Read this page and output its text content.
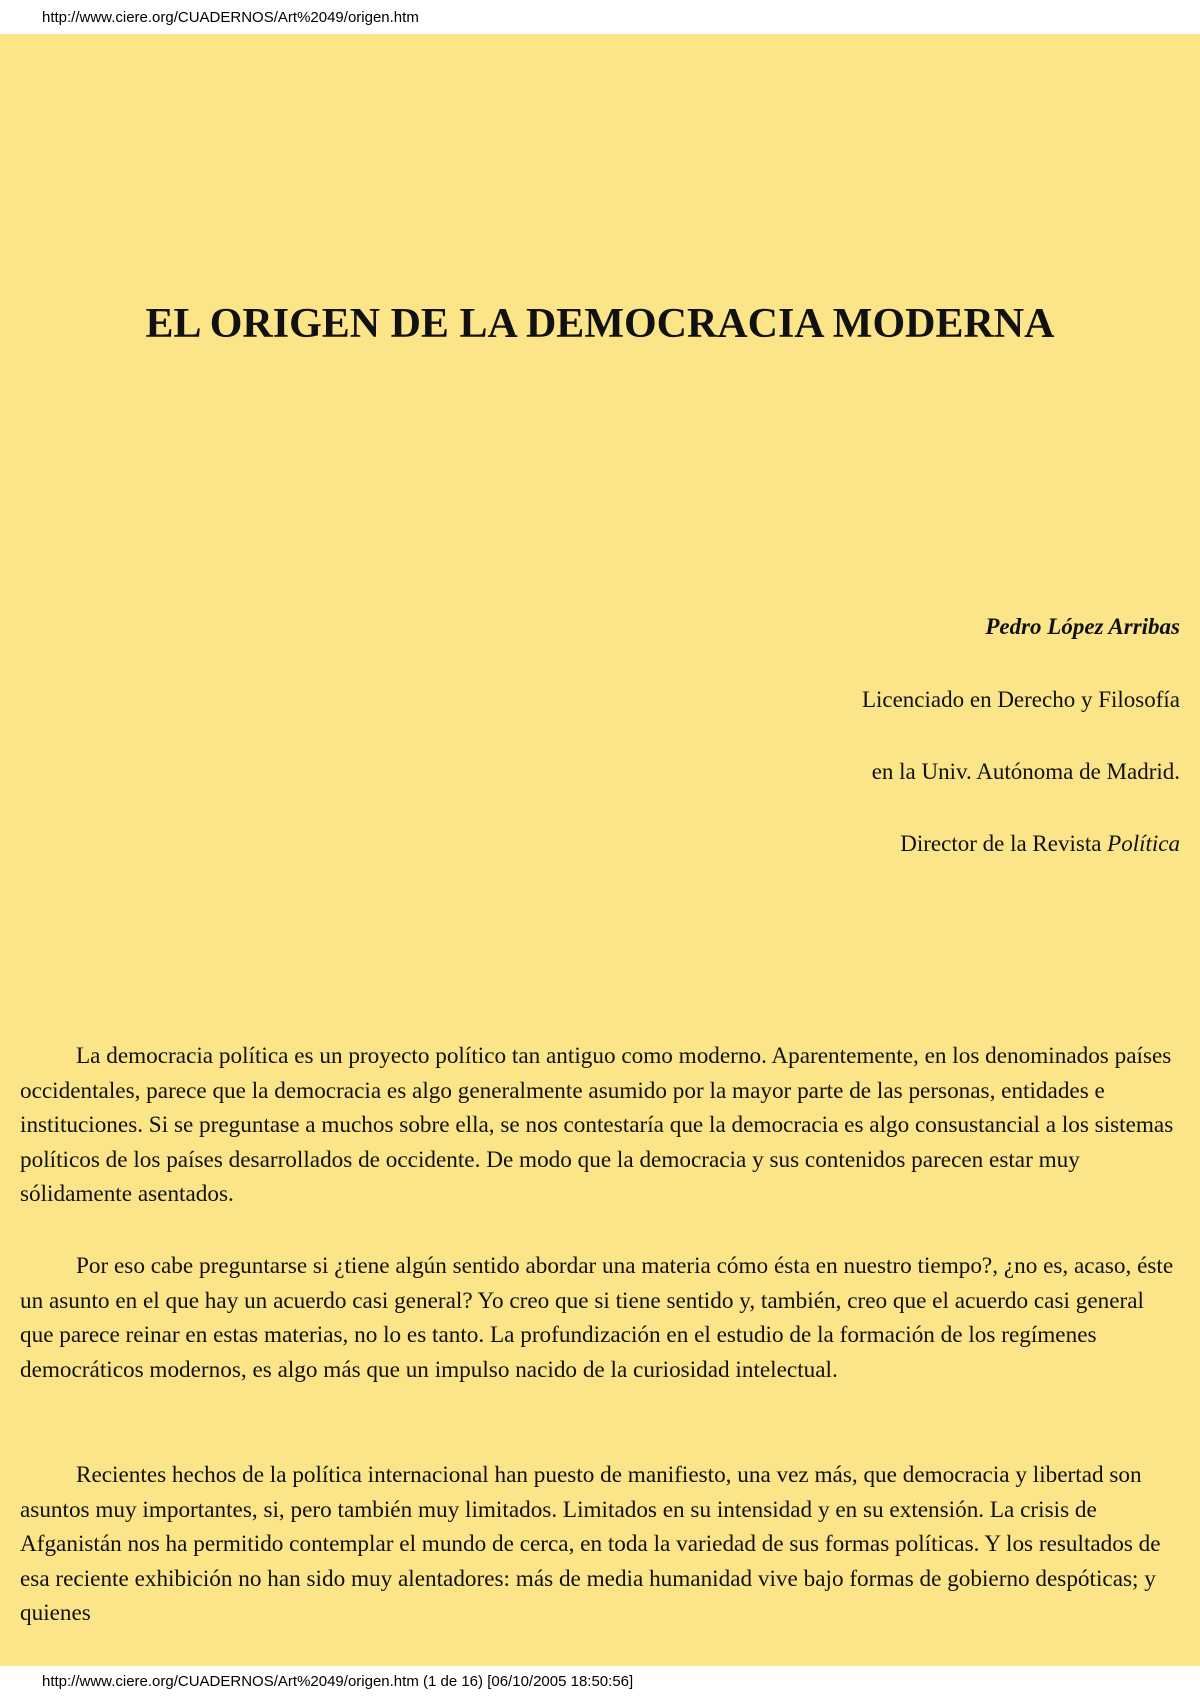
http://www.ciere.org/CUADERNOS/Art%2049/origen.htm
EL ORIGEN DE LA DEMOCRACIA MODERNA
Pedro López Arribas
Licenciado en Derecho y Filosofía
en la Univ. Autónoma de Madrid.
Director de la Revista Política

La democracia política es un proyecto político tan antiguo como moderno. Aparentemente, en los denominados países occidentales, parece que la democracia es algo generalmente asumido por la mayor parte de las personas, entidades e instituciones. Si se preguntase a muchos sobre ella, se nos contestaría que la democracia es algo consustancial a los sistemas políticos de los países desarrollados de occidente. De modo que la democracia y sus contenidos parecen estar muy sólidamente asentados.

Por eso cabe preguntarse si ¿tiene algún sentido abordar una materia cómo ésta en nuestro tiempo?, ¿no es, acaso, éste un asunto en el que hay un acuerdo casi general? Yo creo que si tiene sentido y, también, creo que el acuerdo casi general que parece reinar en estas materias, no lo es tanto. La profundización en el estudio de la formación de los regímenes democráticos modernos, es algo más que un impulso nacido de la curiosidad intelectual.

Recientes hechos de la política internacional han puesto de manifiesto, una vez más, que democracia y libertad son asuntos muy importantes, si, pero también muy limitados. Limitados en su intensidad y en su extensión. La crisis de Afganistán nos ha permitido contemplar el mundo de cerca, en toda la variedad de sus formas políticas. Y los resultados de esa reciente exhibición no han sido muy alentadores: más de media humanidad vive bajo formas de gobierno despóticas; y quienes

http://www.ciere.org/CUADERNOS/Art%2049/origen.htm (1 de 16) [06/10/2005 18:50:56]
